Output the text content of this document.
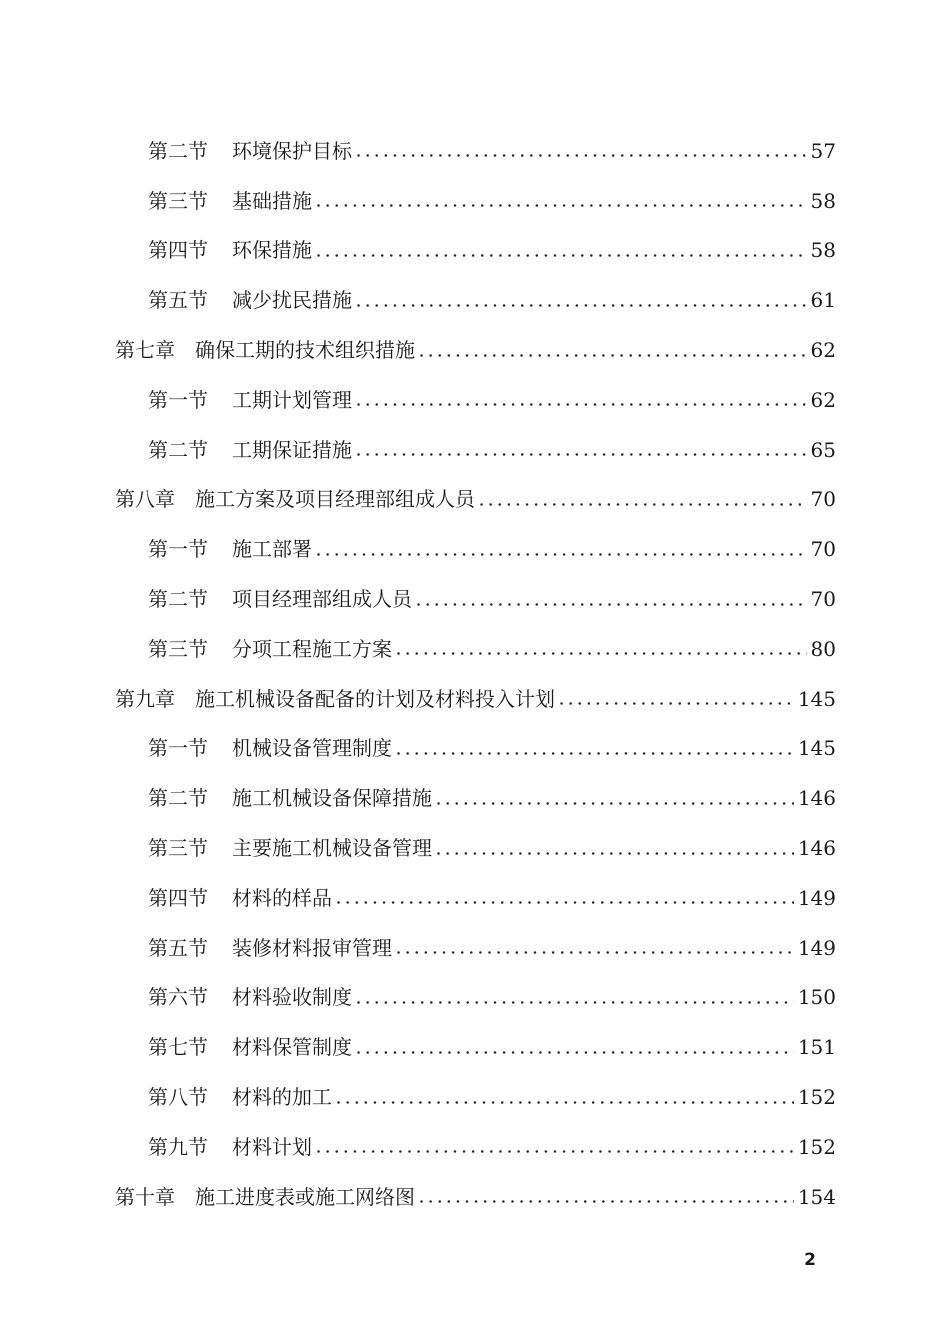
第二节 环境保护目标	57
第三节 基础措施	58
第四节 环保措施	58
第五节 减少扰民措施	61
第七章 确保工期的技术组织措施	62
第一节 工期计划管理	62
第二节 工期保证措施	65
第八章 施工方案及项目经理部组成人员	70
第一节 施工部署	70
第二节 项目经理部组成人员	70
第三节 分项工程施工方案	80
第九章 施工机械设备配备的计划及材料投入计划	145
第一节 机械设备管理制度	145
第二节 施工机械设备保障措施	146
第三节 主要施工机械设备管理	146
第四节 材料的样品	149
第五节 装修材料报审管理	149
第六节 材料验收制度	150
第七节 材料保管制度	151
第八节 材料的加工	152
第九节 材料计划	152
第十章 施工进度表或施工网络图	154
2
